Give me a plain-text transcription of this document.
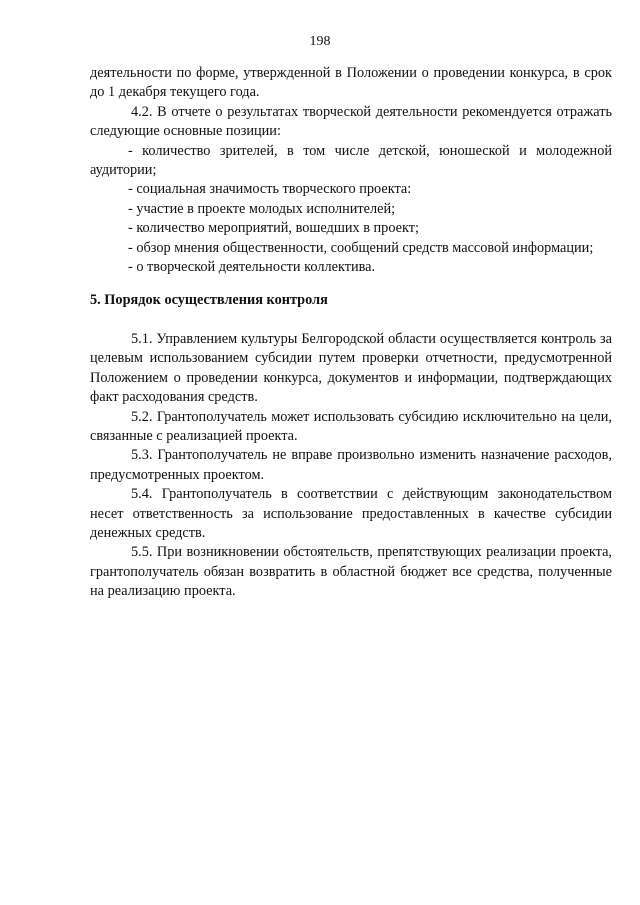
198

деятельности по форме, утвержденной в Положении о проведении конкурса, в срок до 1 декабря текущего года.

4.2. В отчете о результатах творческой деятельности рекомендуется отражать следующие основные позиции:

- количество зрителей, в том числе детской, юношеской и молодежной аудитории;

- социальная значимость творческого проекта:

- участие в проекте молодых исполнителей;

- количество мероприятий, вошедших в проект;

- обзор мнения общественности, сообщений средств массовой информации;

- о творческой деятельности коллектива.

5. Порядок осуществления контроля

5.1. Управлением культуры Белгородской области осуществляется контроль за целевым использованием субсидии путем проверки отчетности, предусмотренной Положением о проведении конкурса, документов и информации, подтверждающих факт расходования средств.

5.2. Грантополучатель может использовать субсидию исключительно на цели, связанные с реализацией проекта.

5.3. Грантополучатель не вправе произвольно изменить назначение расходов, предусмотренных проектом.

5.4. Грантополучатель в соответствии с действующим законодательством несет ответственность за использование предоставленных в качестве субсидии денежных средств.

5.5. При возникновении обстоятельств, препятствующих реализации проекта, грантополучатель обязан возвратить в областной бюджет все средства, полученные на реализацию проекта.
